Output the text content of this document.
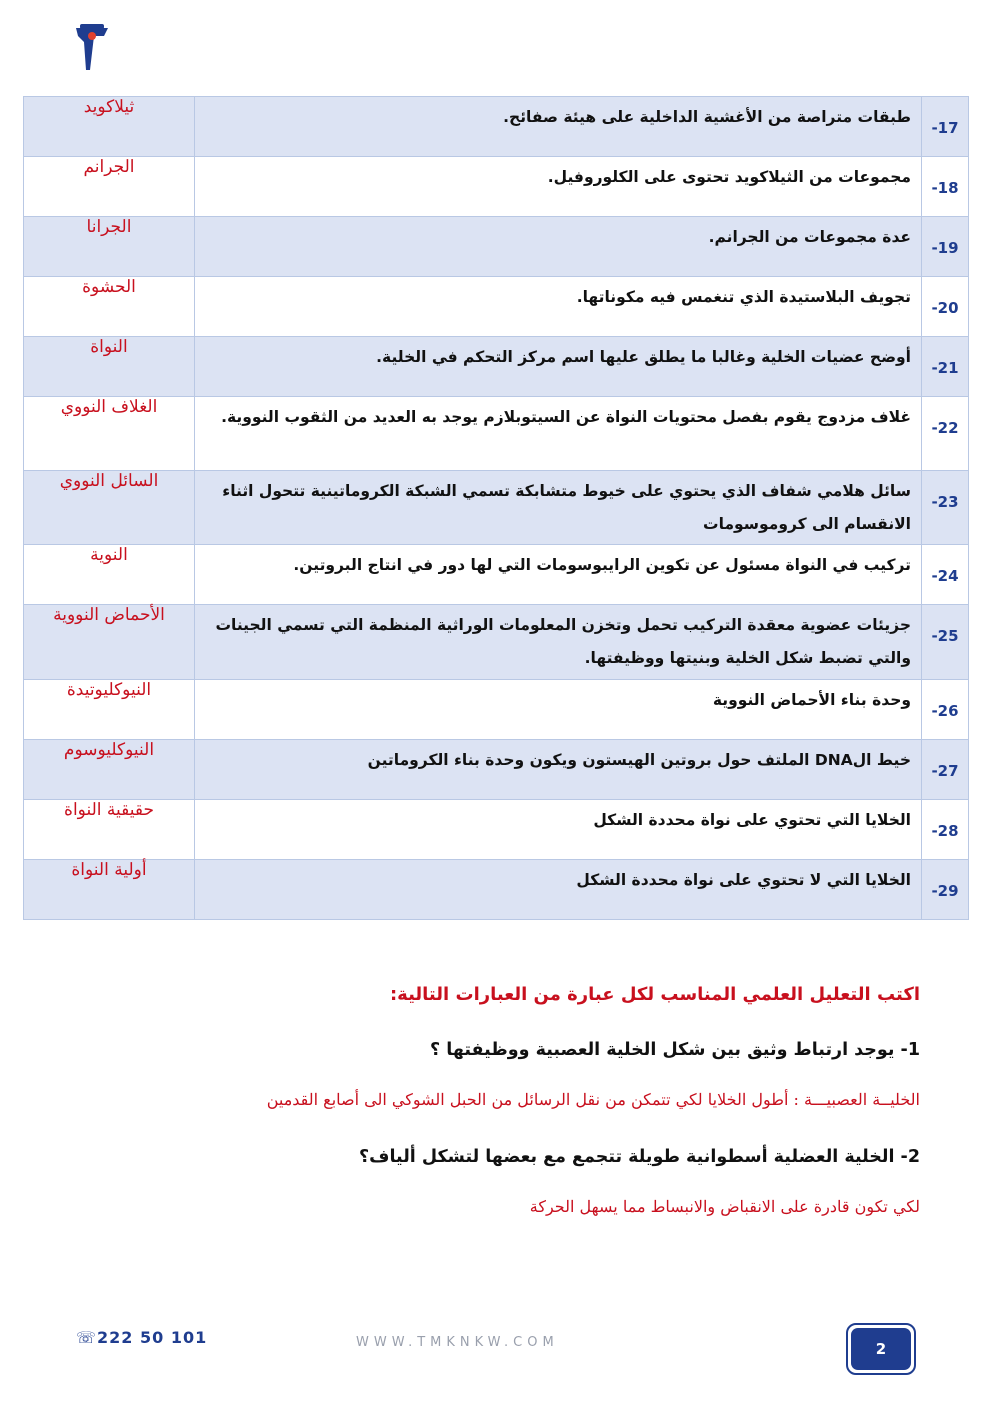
-17	طبقات متراصة من الأغشية الداخلية على هيئة صفائح.	ثيلاكويد
-18	مجموعات من الثيلاكويد تحتوى على الكلوروفيل.	الجرانم
-19	عدة مجموعات من الجرانم.	الجرانا
-20	تجويف البلاستيدة الذي تنغمس فيه مكوناتها.	الحشوة
-21	أوضح عضيات الخلية وغالبا ما يطلق عليها اسم مركز التحكم في الخلية.	النواة
-22	غلاف مزدوج يقوم بفصل محتويات النواة عن السيتوبلازم يوجد به العديد من الثقوب النووية.	الغلاف النووي
-23	سائل هلامي شفاف الذي يحتوي على خيوط متشابكة تسمي الشبكة الكروماتينية تتحول اثناء الانقسام الى كروموسومات	السائل النووي
-24	تركيب في النواة مسئول عن تكوين الرايبوسومات التي لها دور في انتاج البروتين.	النوية
-25	جزيئات عضوية معقدة التركيب تحمل وتخزن المعلومات الوراثية المنظمة التي تسمي الجينات والتي تضبط شكل الخلية وبنيتها ووظيفتها.	الأحماض النووية
-26	وحدة بناء الأحماض النووية	النيوكليوتيدة
-27	خيط الDNA الملتف حول بروتين الهيستون ويكون وحدة بناء الكروماتين	النيوكليوسوم
-28	الخلايا التي تحتوي على نواة محددة الشكل	حقيقية النواة
-29	الخلايا التي لا تحتوي على نواة محددة الشكل	أولية النواة
اكتب التعليل العلمي المناسب لكل عبارة من العبارات التالية:
1- يوجد ارتباط وثيق بين شكل الخلية العصبية ووظيفتها ؟
الخليــة العصبيـــة : أطول الخلايا لكي تتمكن من نقل الرسائل من الحبل الشوكي الى أصابع القدمين
2- الخلية العضلية أسطوانية طويلة تتجمع مع بعضها لتشكل ألياف؟
لكي تكون قادرة على الانقباض والانبساط مما يسهل الحركة
☏222 50 101	WWW.TMKNKW.COM	2
